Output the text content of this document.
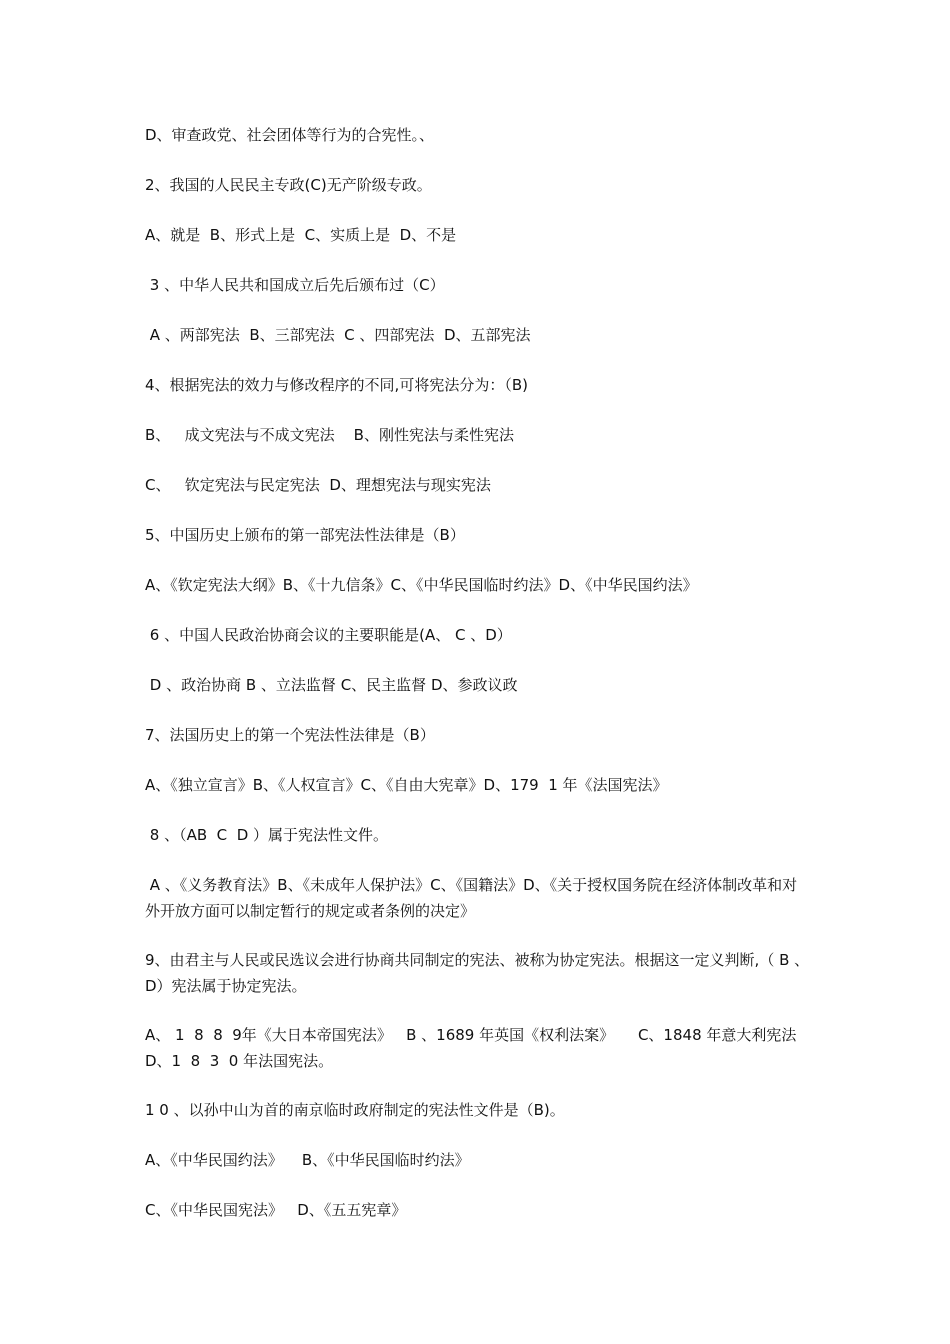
D、审查政党、社会团体等行为的合宪性。、

2、我国的人民民主专政(C)无产阶级专政。

A、就是  B、形式上是  C、实质上是  D、不是

3 、中华人民共和国成立后先后颁布过（C）

A 、两部宪法  B、三部宪法  C 、四部宪法  D、五部宪法

4、根据宪法的效力与修改程序的不同,可将宪法分为：（B)

B、   成文宪法与不成文宪法    B、刚性宪法与柔性宪法

C、   钦定宪法与民定宪法  D、理想宪法与现实宪法

5、中国历史上颁布的第一部宪法性法律是（B）

A、《钦定宪法大纲》B、《十九信条》C、《中华民国临时约法》D、《中华民国约法》

6 、中国人民政治协商会议的主要职能是(A、 C 、D）

D 、政治协商 B 、立法监督 C、民主监督 D、参政议政

7、法国历史上的第一个宪法性法律是（B）

A、《独立宣言》B、《人权宣言》C、《自由大宪章》D、179  1 年《法国宪法》

8 、（AB  C  D ）属于宪法性文件。

A 、《义务教育法》B、《未成年人保护法》C、《国籍法》D、《关于授权国务院在经济体制改革和对外开放方面可以制定暂行的规定或者条例的决定》

9、由君主与人民或民选议会进行协商共同制定的宪法、被称为协定宪法。根据这一定义判断,（ B 、D）宪法属于协定宪法。

A、 1  8  8  9年《大日本帝国宪法》   B 、1689 年英国《权利法案》     C、1848 年意大利宪法  D、1  8  3  0 年法国宪法。

1 0 、以孙中山为首的南京临时政府制定的宪法性文件是（B)。

A、《中华民国约法》    B、《中华民国临时约法》

C、《中华民国宪法》   D、《五五宪章》
